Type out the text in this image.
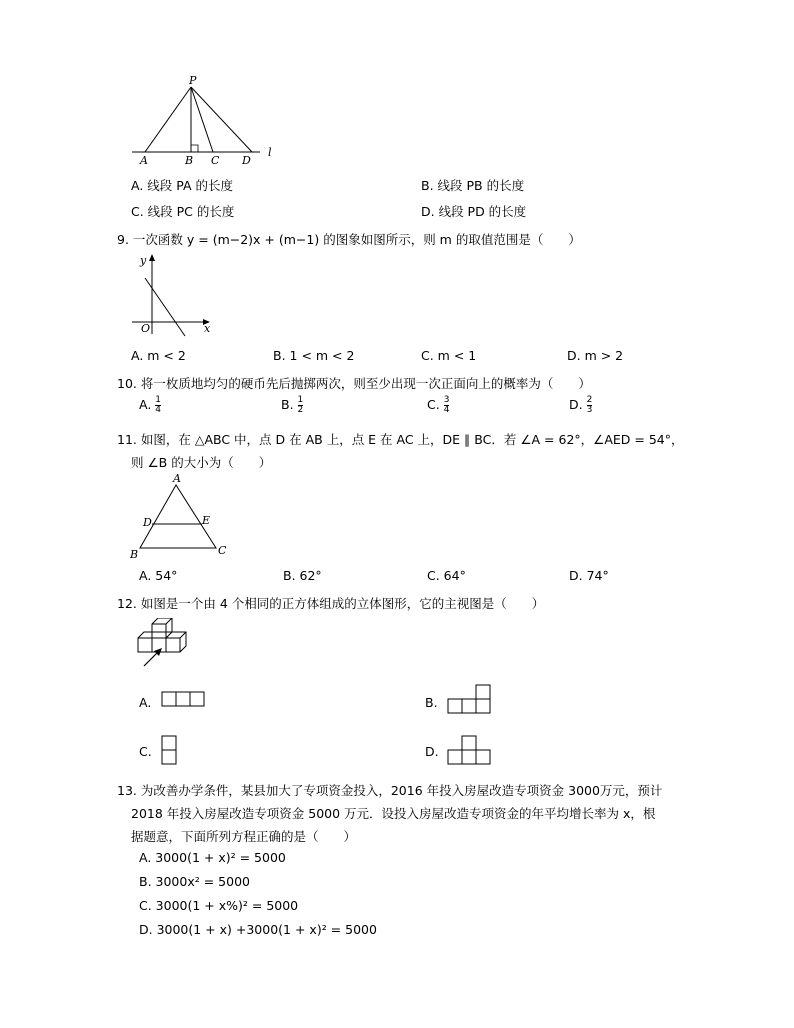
P
A	B C D
l
A. 线段 PA 的长度	B. 线段 PB 的长度
C. 线段 PC 的长度	D. 线段 PD 的长度
9. 一次函数 y = (m−2)x + (m−1) 的图象如图所示，则 m 的取值范围是（　　）
y
x
O
A. m < 2	B. 1 < m < 2	C. m < 1	D. m > 2
10. 将一枚质地均匀的硬币先后抛掷两次，则至少出现一次正面向上的概率为（　　）
A. $\frac{1}{4}$	B. $\frac{1}{2}$	C. $\frac{3}{4}$	D. $\frac{2}{3}$
11. 如图，在 △ABC 中，点 D 在 AB 上，点 E 在 AC 上，DE ∥ BC．若 ∠A = 62°，∠AED = 54°，
则 ∠B 的大小为（　　）
A
D	E
B	C
A. 54°	B. 62°	C. 64°	D. 74°
12. 如图是一个由 4 个相同的正方体组成的立体图形，它的主视图是（　　）
A.	B.
C.	D.
13. 为改善办学条件，某县加大了专项资金投入，2016 年投入房屋改造专项资金 3000万元，预计
2018 年投入房屋改造专项资金 5000 万元．设投入房屋改造专项资金的年平均增长率为 x，根
据题意，下面所列方程正确的是（　　）
A. 3000(1 + x)² = 5000
B. 3000x² = 5000
C. 3000(1 + x%)² = 5000
D. 3000(1 + x) +3000(1 + x)² = 5000
